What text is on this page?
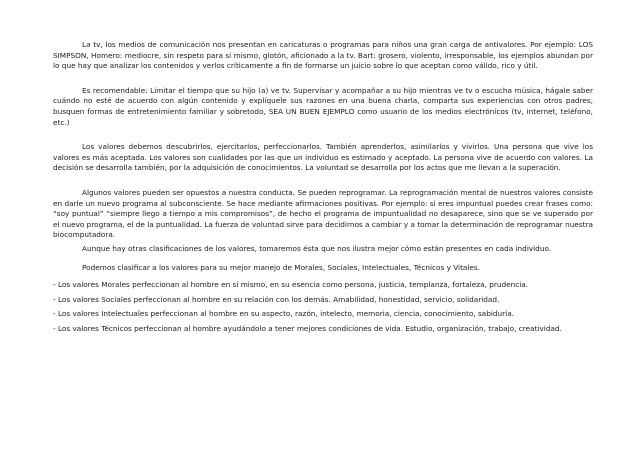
La tv, los medios de comunicación nos presentan en caricaturas o programas para niños una gran carga de antivalores. Por ejemplo: LOS SIMPSON, Homero: mediocre, sin respeto para sí mismo, glotón, aficionado a la tv. Bart: grosero, violento, irresponsable, los ejemplos abundan por lo que hay que analizar los contenidos y verlos críticamente a fin de formarse un juicio sobre lo que aceptan como válido, rico y útil.

Es recomendable: Limitar el tiempo que su hijo (a) ve tv. Supervisar y acompañar a su hijo mientras ve tv o escucha música, hágale saber cuándo no esté de acuerdo con algún contenido y explíquele sus razones en una buena charla, comparta sus experiencias con otros padres, busquen formas de entretenimiento familiar y sobretodo, SEA UN BUEN EJEMPLO como usuario de los medios electrónicos (tv, internet, teléfono, etc.)

Los valores debemos descubrirlos, ejercitarlos, perfeccionarlos. También aprenderlos, asimilarlos y vivirlos. Una persona que vive los valores es más aceptada. Los valores son cualidades por las que un individuo es estimado y aceptado. La persona vive de acuerdo con valores. La decisión se desarrolla también, por la adquisición de conocimientos. La voluntad se desarrolla por los actos que me llevan a la superación.

Algunos valores pueden ser opuestos a nuestra conducta. Se pueden reprogramar. La reprogramación mental de nuestros valores consiste en darle un nuevo programa al subconsciente. Se hace mediante afirmaciones positivas. Por ejemplo: si eres impuntual puedes crear frases como: “soy puntual” “siempre llego a tiempo a mis compromisos”, de hecho el programa de impuntualidad no desaparece, sino que se ve superado por el nuevo programa, el de la puntualidad. La fuerza de voluntad sirve para decidirnos a cambiar y a tomar la determinación de reprogramar nuestra biocomputadora.

Aunque hay otras clasificaciones de los valores, tomaremos ésta que nos ilustra mejor cómo están presentes en cada individuo.

Podemos clasificar a los valores para su mejor manejo de Morales, Sociales, Intelectuales, Técnicos y Vitales.

- Los valores Morales perfeccionan al hombre en sí mismo, en su esencia como persona, justicia, templanza, fortaleza, prudencia.

- Los valores Sociales perfeccionan al hombre en su relación con los demás. Amabilidad, honestidad, servicio, solidaridad.

- Los valores Intelectuales perfeccionan al hombre en su aspecto, razón, intelecto, memoria, ciencia, conocimiento, sabiduría.

- Los valores Técnicos perfeccionan al hombre ayudándolo a tener mejores condiciones de vida. Estudio, organización, trabajo, creatividad.
